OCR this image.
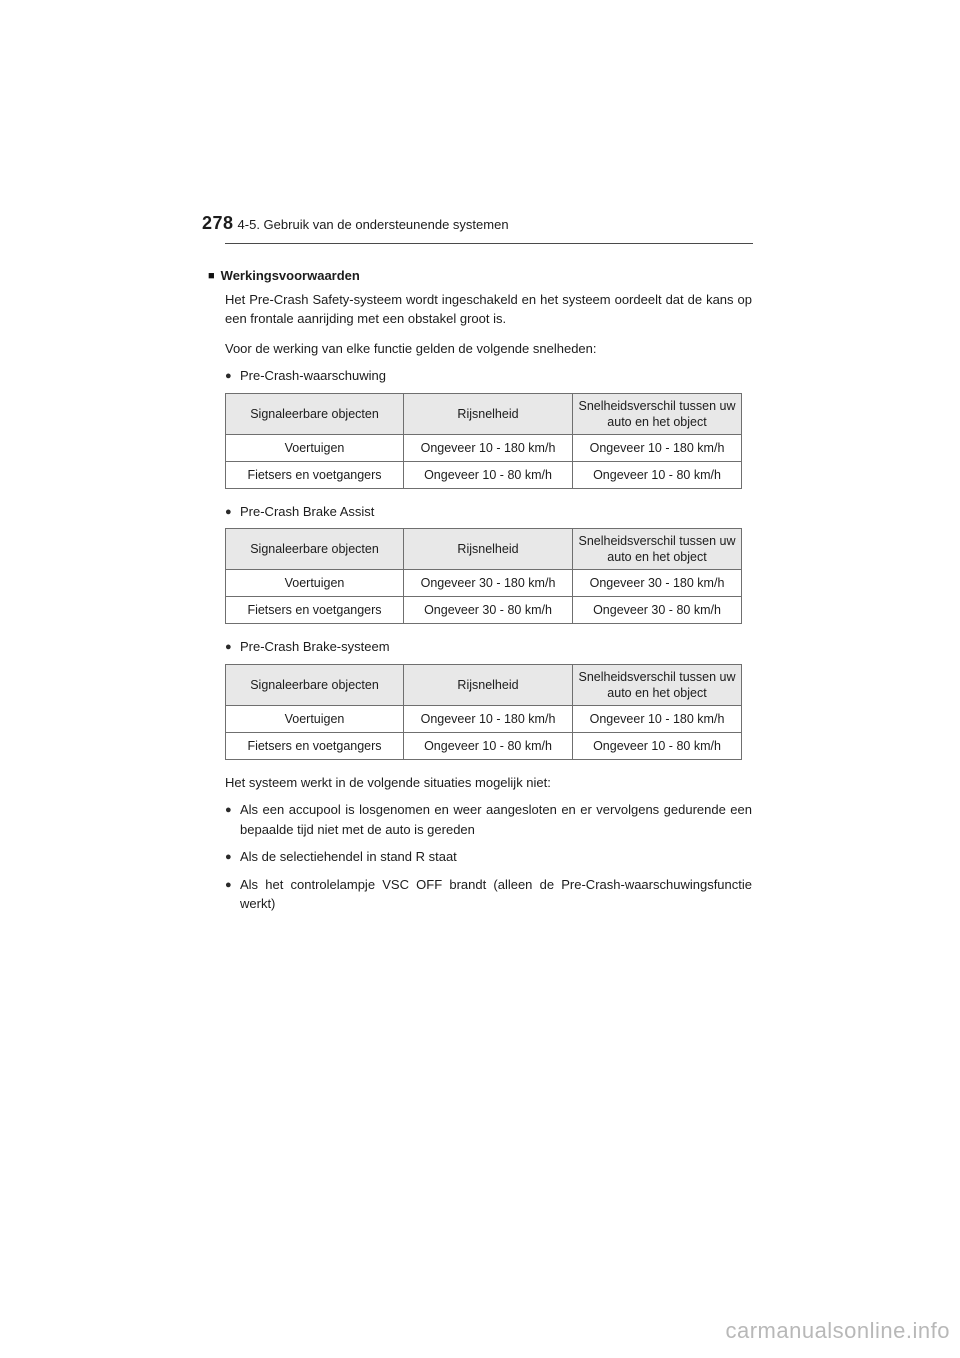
278 4-5. Gebruik van de ondersteunende systemen
■ Werkingsvoorwaarden

Het Pre-Crash Safety-systeem wordt ingeschakeld en het systeem oordeelt dat de kans op een frontale aanrijding met een obstakel groot is.

Voor de werking van elke functie gelden de volgende snelheden:

● Pre-Crash-waarschuwing
Signaleerbare objecten	Rijsnelheid	Snelheidsverschil tussen uw auto en het object
Voertuigen	Ongeveer 10 - 180 km/h	Ongeveer 10 - 180 km/h
Fietsers en voetgangers	Ongeveer 10 - 80 km/h	Ongeveer 10 - 80 km/h
● Pre-Crash Brake Assist
Signaleerbare objecten	Rijsnelheid	Snelheidsverschil tussen uw auto en het object
Voertuigen	Ongeveer 30 - 180 km/h	Ongeveer 30 - 180 km/h
Fietsers en voetgangers	Ongeveer 30 - 80 km/h	Ongeveer 30 - 80 km/h
● Pre-Crash Brake-systeem
Signaleerbare objecten	Rijsnelheid	Snelheidsverschil tussen uw auto en het object
Voertuigen	Ongeveer 10 - 180 km/h	Ongeveer 10 - 180 km/h
Fietsers en voetgangers	Ongeveer 10 - 80 km/h	Ongeveer 10 - 80 km/h

Het systeem werkt in de volgende situaties mogelijk niet:

● Als een accupool is losgenomen en weer aangesloten en er vervolgens gedurende een bepaalde tijd niet met de auto is gereden
● Als de selectiehendel in stand R staat
● Als het controlelampje VSC OFF brandt (alleen de Pre-Crash-waarschuwingsfunctie werkt)
carmanualsonline.info
